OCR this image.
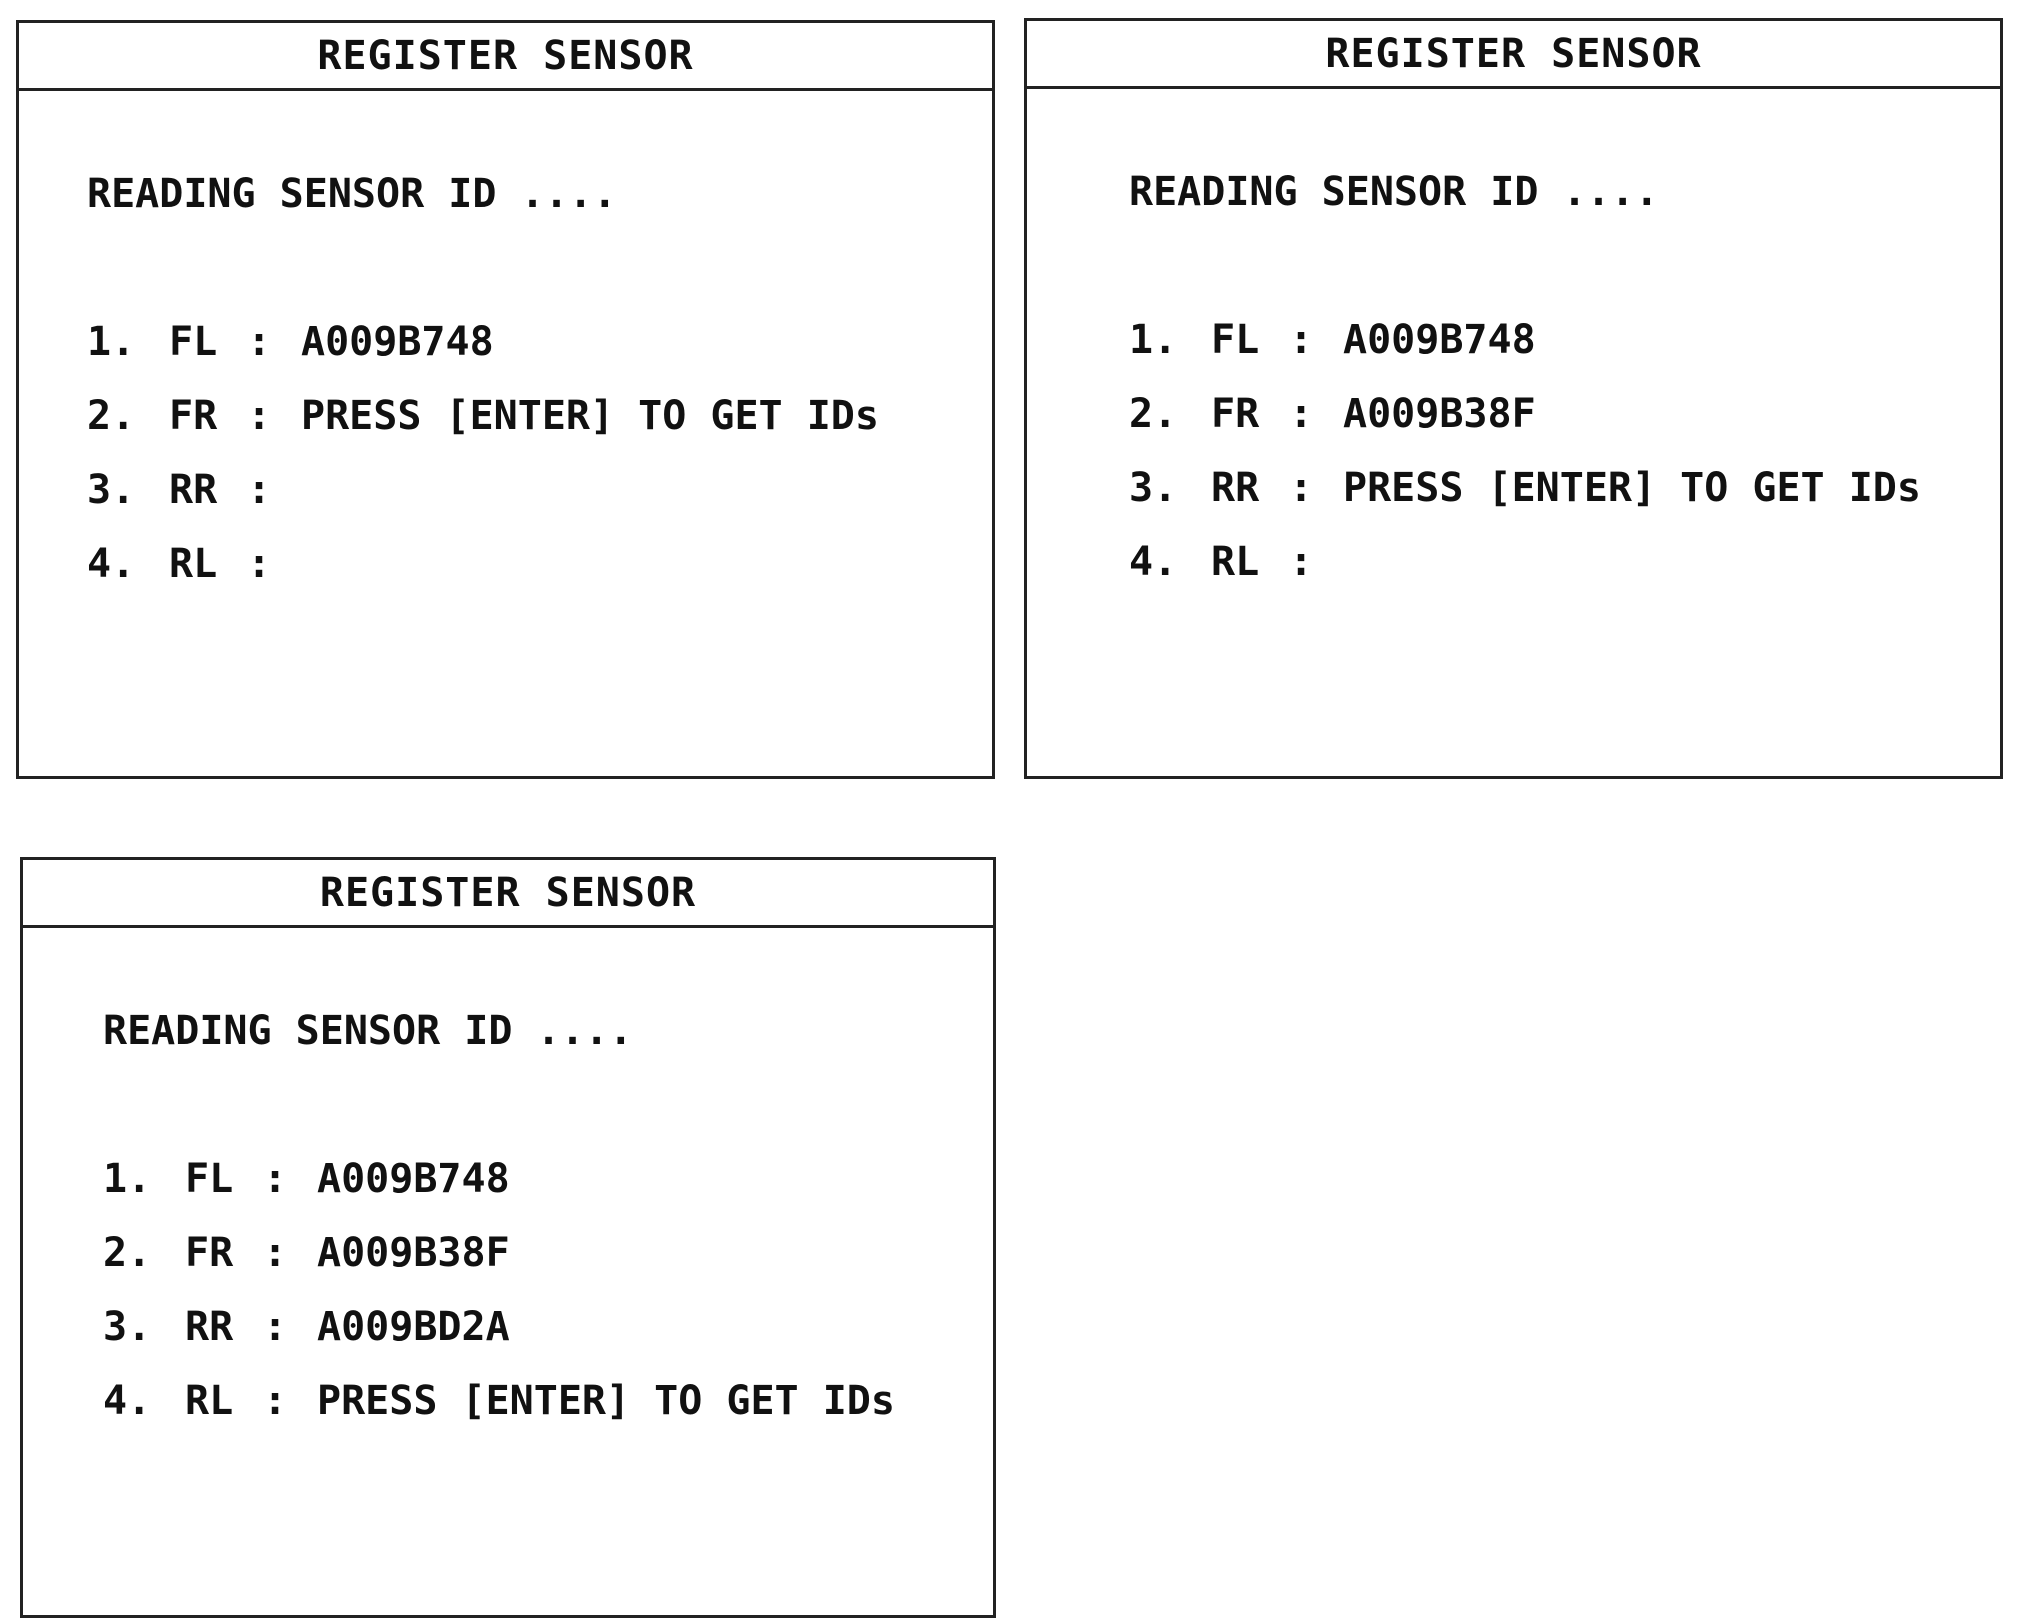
REGISTER SENSOR
READING SENSOR ID ....
1. FL : A009B748
2. FR : PRESS [ENTER] TO GET IDs
3. RR :
4. RL :
REGISTER SENSOR
READING SENSOR ID ....
1. FL : A009B748
2. FR : A009B38F
3. RR : PRESS [ENTER] TO GET IDs
4. RL :
REGISTER SENSOR
READING SENSOR ID ....
1. FL : A009B748
2. FR : A009B38F
3. RR : A009BD2A
4. RL : PRESS [ENTER] TO GET IDs
